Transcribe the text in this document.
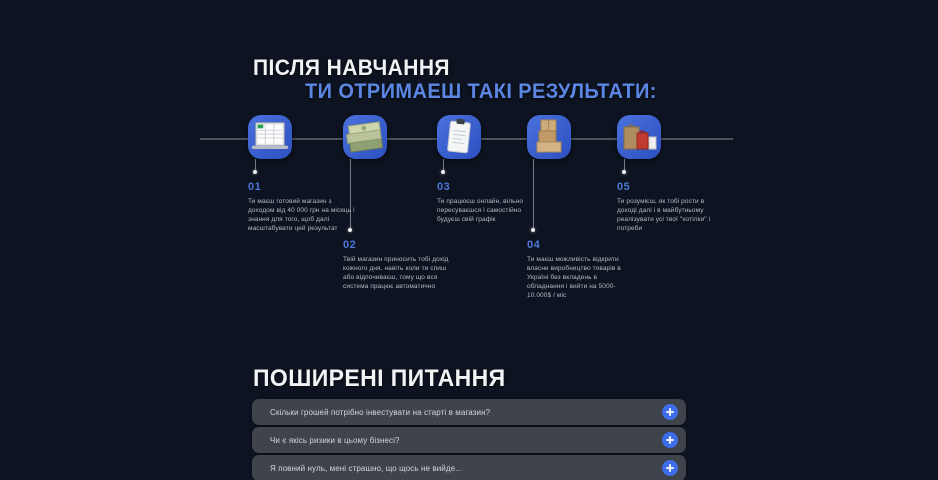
ПІСЛЯ НАВЧАННЯ
ТИ ОТРИМАЕШ ТАКІ РЕЗУЛЬТАТИ:
01
Ти маєш готовий магазин з доходом від 40 000 грн на місяць і знання для того, щоб далі масштабувати цей результат
02
Твій магазин приносить тобі дохід кожного дня, навіть коли ти спиш або відпочиваєш, тому що вся система працює автоматично
03
Ти працюєш онлайн, вільно пересуваєшся і самостійно будуєш свій графік
04
Ти маєш можливість відкрити власне виробництво товарів в Україні без вкладень в обладнання і вийти на 5000-10.000$ / міс
05
Ти розумієш, як тобі рости в доході далі і в майбутньому реалізувати усі твої "хотілки" і потреби
ПОШИРЕНІ ПИТАННЯ
Скільки грошей потрібно інвестувати на старті в магазин?
Чи є якісь ризики в цьому бізнесі?
Я повний нуль, мені страшно, що щось не вийде...
